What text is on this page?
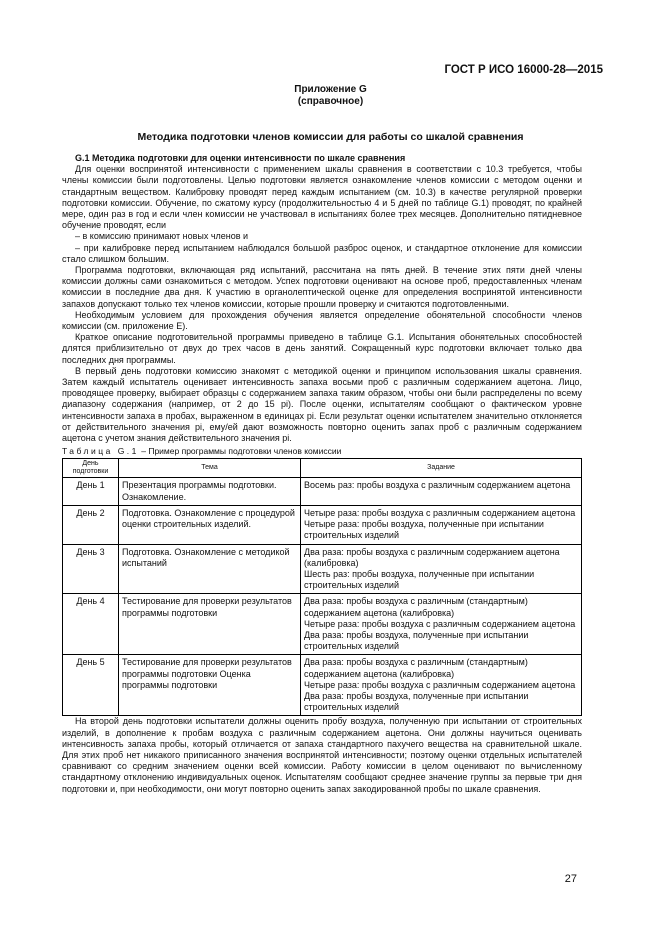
ГОСТ Р ИСО 16000-28—2015
Приложение G
(справочное)
Методика подготовки членов комиссии для работы со шкалой сравнения

G.1 Методика подготовки для оценки интенсивности по шкале сравнения

Для оценки воспринятой интенсивности с применением шкалы сравнения в соответствии с 10.3 требуется, чтобы члены комиссии были подготовлены. Целью подготовки является ознакомление членов комиссии с методом оценки и стандартным веществом. Калибровку проводят перед каждым испытанием (см. 10.3) в качестве регулярной проверки подготовки комиссии. Обучение, по сжатому курсу (продолжительностью 4 и 5 дней по таблице G.1) проводят, по крайней мере, один раз в год и если член комиссии не участвовал в испытаниях более трех месяцев. Дополнительно пятидневное обучение проводят, если

– в комиссию принимают новых членов и

– при калибровке перед испытанием наблюдался большой разброс оценок, и стандартное отклонение для комиссии стало слишком большим.

Программа подготовки, включающая ряд испытаний, рассчитана на пять дней. В течение этих пяти дней члены комиссии должны сами ознакомиться с методом. Успех подготовки оценивают на основе проб, предоставленных членам комиссии в последние два дня. К участию в органолептической оценке для определения воспринятой интенсивности запахов допускают только тех членов комиссии, которые прошли проверку и считаются подготовленными.

Необходимым условием для прохождения обучения является определение обонятельной способности членов комиссии (см. приложение E).

Краткое описание подготовительной программы приведено в таблице G.1. Испытания обонятельных способностей длятся приблизительно от двух до трех часов в день занятий. Сокращенный курс подготовки включает только два последних дня программы.

В первый день подготовки комиссию знакомят с методикой оценки и принципом использования шкалы сравнения. Затем каждый испытатель оценивает интенсивность запаха восьми проб с различным содержанием ацетона. Лицо, проводящее проверку, выбирает образцы с содержанием запаха таким образом, чтобы они были распределены по всему диапазону содержания (например, от 2 до 15 pi). После оценки, испытателям сообщают о фактическом уровне интенсивности запаха в пробах, выраженном в единицах pi. Если результат оценки испытателем значительно отклоняется от действительного значения pi, ему/ей дают возможность повторно оценить запах проб с различным содержанием ацетона с учетом знания действительного значения pi.

Таблица G.1 – Пример программы подготовки членов комиссии
День подготовки	Тема	Задание
День 1	Презентация программы подготовки. Ознакомление.	Восемь раз: пробы воздуха с различным содержанием ацетона

День 2	Подготовка. Ознакомление с процедурой оценки строительных изделий.	Четыре раза: пробы воздуха с различным содержанием ацетона
Четыре раза: пробы воздуха, полученные при испытании строительных изделий

День 3	Подготовка. Ознакомление с методикой испытаний	Два раза: пробы воздуха с различным содержанием ацетона (калибровка)
Шесть раз: пробы воздуха, полученные при испытании строительных изделий

День 4	Тестирование для проверки результатов программы подготовки	Два раза: пробы воздуха с различным (стандартным) содержанием ацетона (калибровка)
Четыре раза: пробы воздуха с различным содержанием ацетона
Два раза: пробы воздуха, полученные при испытании строительных изделий

День 5	Тестирование для проверки результатов программы подготовки Оценка программы подготовки	Два раза: пробы воздуха с различным (стандартным) содержанием ацетона (калибровка)
Четыре раза: пробы воздуха с различным содержанием ацетона
Два раза: пробы воздуха, полученные при испытании строительных изделий

На второй день подготовки испытатели должны оценить пробу воздуха, полученную при испытании от строительных изделий, в дополнение к пробам воздуха с различным содержанием ацетона. Они должны научиться оценивать интенсивность запаха пробы, который отличается от запаха стандартного пахучего вещества на сравнительной шкале. Для этих проб нет никакого приписанного значения воспринятой интенсивности; поэтому оценки отдельных испытателей сравнивают со средним значением оценки всей комиссии. Работу комиссии в целом оценивают по вычисленному стандартному отклонению индивидуальных оценок. Испытателям сообщают среднее значение группы за первые три дня подготовки и, при необходимости, они могут повторно оценить запах закодированной пробы по шкале сравнения.

27
